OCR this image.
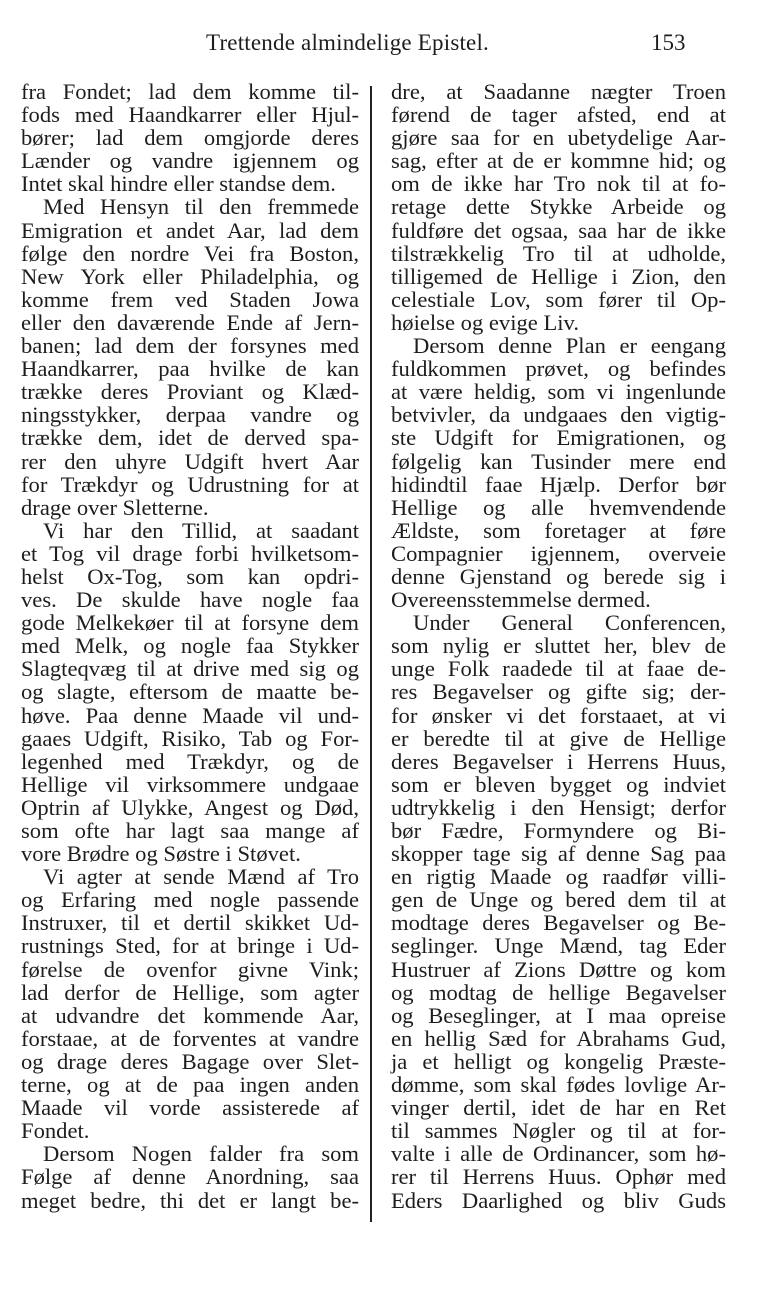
Trettende almindelige Epistel.	153
fra Fondet; lad dem komme til-
fods med Haandkarrer eller Hjul-
bører; lad dem omgjorde deres
Lænder og vandre igjennem og
Intet skal hindre eller standse dem.
Med Hensyn til den fremmede
Emigration et andet Aar, lad dem
følge den nordre Vei fra Boston,
New York eller Philadelphia, og
komme frem ved Staden Jowa
eller den daværende Ende af Jern-
banen; lad dem der forsynes med
Haandkarrer, paa hvilke de kan
trække deres Proviant og Klæd-
ningsstykker, derpaa vandre og
trække dem, idet de derved spa-
rer den uhyre Udgift hvert Aar
for Trækdyr og Udrustning for at
drage over Sletterne.
Vi har den Tillid, at saadant
et Tog vil drage forbi hvilketsom-
helst Ox-Tog, som kan opdri-
ves. De skulde have nogle faa
gode Melkekøer til at forsyne dem
med Melk, og nogle faa Stykker
Slagteqvæg til at drive med sig og
og slagte, eftersom de maatte be-
høve. Paa denne Maade vil und-
gaaes Udgift, Risiko, Tab og For-
legenhed med Trækdyr, og de
Hellige vil virksommere undgaae
Optrin af Ulykke, Angest og Død,
som ofte har lagt saa mange af
vore Brødre og Søstre i Støvet.
Vi agter at sende Mænd af Tro
og Erfaring med nogle passende
Instruxer, til et dertil skikket Ud-
rustnings Sted, for at bringe i Ud-
førelse de ovenfor givne Vink;
lad derfor de Hellige, som agter
at udvandre det kommende Aar,
forstaae, at de forventes at vandre
og drage deres Bagage over Slet-
terne, og at de paa ingen anden
Maade vil vorde assisterede af
Fondet.
Dersom Nogen falder fra som
Følge af denne Anordning, saa
meget bedre, thi det er langt be-
dre, at Saadanne nægter Troen
førend de tager afsted, end at
gjøre saa for en ubetydelige Aar-
sag, efter at de er kommne hid; og
om de ikke har Tro nok til at fo-
retage dette Stykke Arbeide og
fuldføre det ogsaa, saa har de ikke
tilstrækkelig Tro til at udholde,
tilligemed de Hellige i Zion, den
celestiale Lov, som fører til Op-
høielse og evige Liv.
Dersom denne Plan er eengang
fuldkommen prøvet, og befindes
at være heldig, som vi ingenlunde
betvivler, da undgaaes den vigtig-
ste Udgift for Emigrationen, og
følgelig kan Tusinder mere end
hidindtil faae Hjælp. Derfor bør
Hellige og alle hvemvendende
Ældste, som foretager at føre
Compagnier igjennem, overveie
denne Gjenstand og berede sig i
Overeensstemmelse dermed.
Under General Conferencen,
som nylig er sluttet her, blev de
unge Folk raadede til at faae de-
res Begavelser og gifte sig; der-
for ønsker vi det forstaaet, at vi
er beredte til at give de Hellige
deres Begavelser i Herrens Huus,
som er bleven bygget og indviet
udtrykkelig i den Hensigt; derfor
bør Fædre, Formyndere og Bi-
skopper tage sig af denne Sag paa
en rigtig Maade og raadfør villi-
gen de Unge og bered dem til at
modtage deres Begavelser og Be-
seglinger. Unge Mænd, tag Eder
Hustruer af Zions Døttre og kom
og modtag de hellige Begavelser
og Beseglinger, at I maa opreise
en hellig Sæd for Abrahams Gud,
ja et helligt og kongelig Præste-
dømme, som skal fødes lovlige Ar-
vinger dertil, idet de har en Ret
til sammes Nøgler og til at for-
valte i alle de Ordinancer, som hø-
rer til Herrens Huus. Ophør med
Eders Daarlighed og bliv Guds
